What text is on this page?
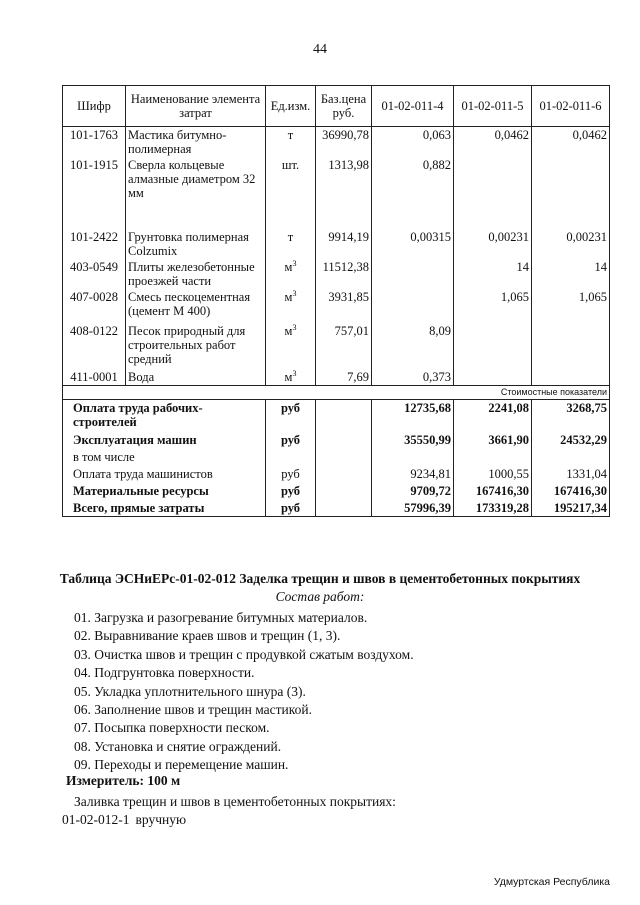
44
Шифр	Наименование элемента затрат	Ед.изм.	Баз.цена руб.	01-02-011-4	01-02-011-5	01-02-011-6
101-1763	Мастика битумно-полимерная	т	36990,78	0,063	0,0462	0,0462
101-1915	Сверла кольцевые алмазные диаметром 32 мм	шт.	1313,98	0,882		
101-2422	Грунтовка полимерная Colzumix	т	9914,19	0,00315	0,00231	0,00231
403-0549	Плиты железобетонные проезжей части	$м^3$	11512,38		14	14
407-0028	Смесь пескоцементная (цемент М 400)	$м^3$	3931,85		1,065	1,065
408-0122	Песок природный для строительных работ средний	$м^3$	757,01	8,09		
411-0001	Вода	$м^3$	7,69	0,373		
				Стоимостные показатели		
Оплата труда рабочих-строителей		руб		12735,68	2241,08	3268,75
Эксплуатация машин		руб		35550,99	3661,90	24532,29
в том числе						
Оплата труда машинистов		руб		9234,81	1000,55	1331,04
Материальные ресурсы		руб		9709,72	167416,30	167416,30
Всего, прямые затраты		руб		57996,39	173319,28	195217,34
Таблица ЭСНиЕРс-01-02-012 Заделка трещин и швов в цементобетонных покрытиях
Состав работ:
01. Загрузка и разогревание битумных материалов.
02. Выравнивание краев швов и трещин (1, 3).
03. Очистка швов и трещин с продувкой сжатым воздухом.
04. Подгрунтовка поверхности.
05. Укладка уплотнительного шнура (3).
06. Заполнение швов и трещин мастикой.
07. Посыпка поверхности песком.
08. Установка и снятие ограждений.
09. Переходы и перемещение машин.
Измеритель: 100 м
Заливка трещин и швов в цементобетонных покрытиях:
01-02-012-1 вручную
Удмуртская Республика
